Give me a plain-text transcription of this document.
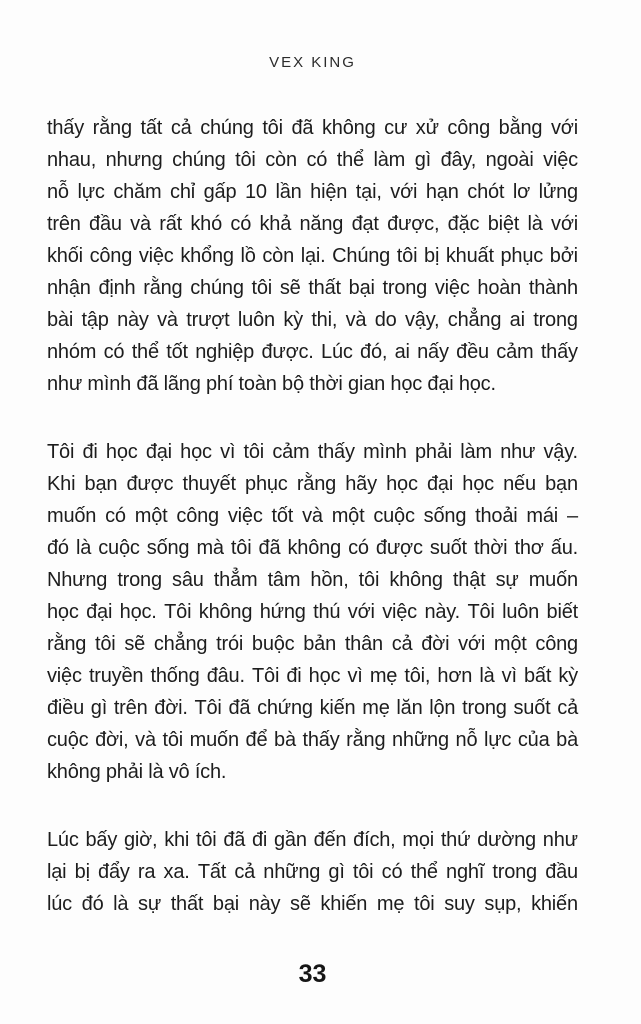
VEX KING
thấy rằng tất cả chúng tôi đã không cư xử công bằng với
nhau, nhưng chúng tôi còn có thể làm gì đây, ngoài việc
nỗ lực chăm chỉ gấp 10 lần hiện tại, với hạn chót lơ lửng
trên đầu và rất khó có khả năng đạt được, đặc biệt là với
khối công việc khổng lồ còn lại. Chúng tôi bị khuất phục bởi
nhận định rằng chúng tôi sẽ thất bại trong việc hoàn thành
bài tập này và trượt luôn kỳ thi, và do vậy, chẳng ai trong
nhóm có thể tốt nghiệp được. Lúc đó, ai nấy đều cảm thấy
như mình đã lãng phí toàn bộ thời gian học đại học.
Tôi đi học đại học vì tôi cảm thấy mình phải làm như vậy.
Khi bạn được thuyết phục rằng hãy học đại học nếu bạn
muốn có một công việc tốt và một cuộc sống thoải mái –
đó là cuộc sống mà tôi đã không có được suốt thời thơ ấu.
Nhưng trong sâu thẳm tâm hồn, tôi không thật sự muốn
học đại học. Tôi không hứng thú với việc này. Tôi luôn biết
rằng tôi sẽ chẳng trói buộc bản thân cả đời với một công
việc truyền thống đâu. Tôi đi học vì mẹ tôi, hơn là vì bất kỳ
điều gì trên đời. Tôi đã chứng kiến mẹ lăn lộn trong suốt cả
cuộc đời, và tôi muốn để bà thấy rằng những nỗ lực của bà
không phải là vô ích.
Lúc bấy giờ, khi tôi đã đi gần đến đích, mọi thứ dường như
lại bị đẩy ra xa. Tất cả những gì tôi có thể nghĩ trong đầu
lúc đó là sự thất bại này sẽ khiến mẹ tôi suy sụp, khiến
33
